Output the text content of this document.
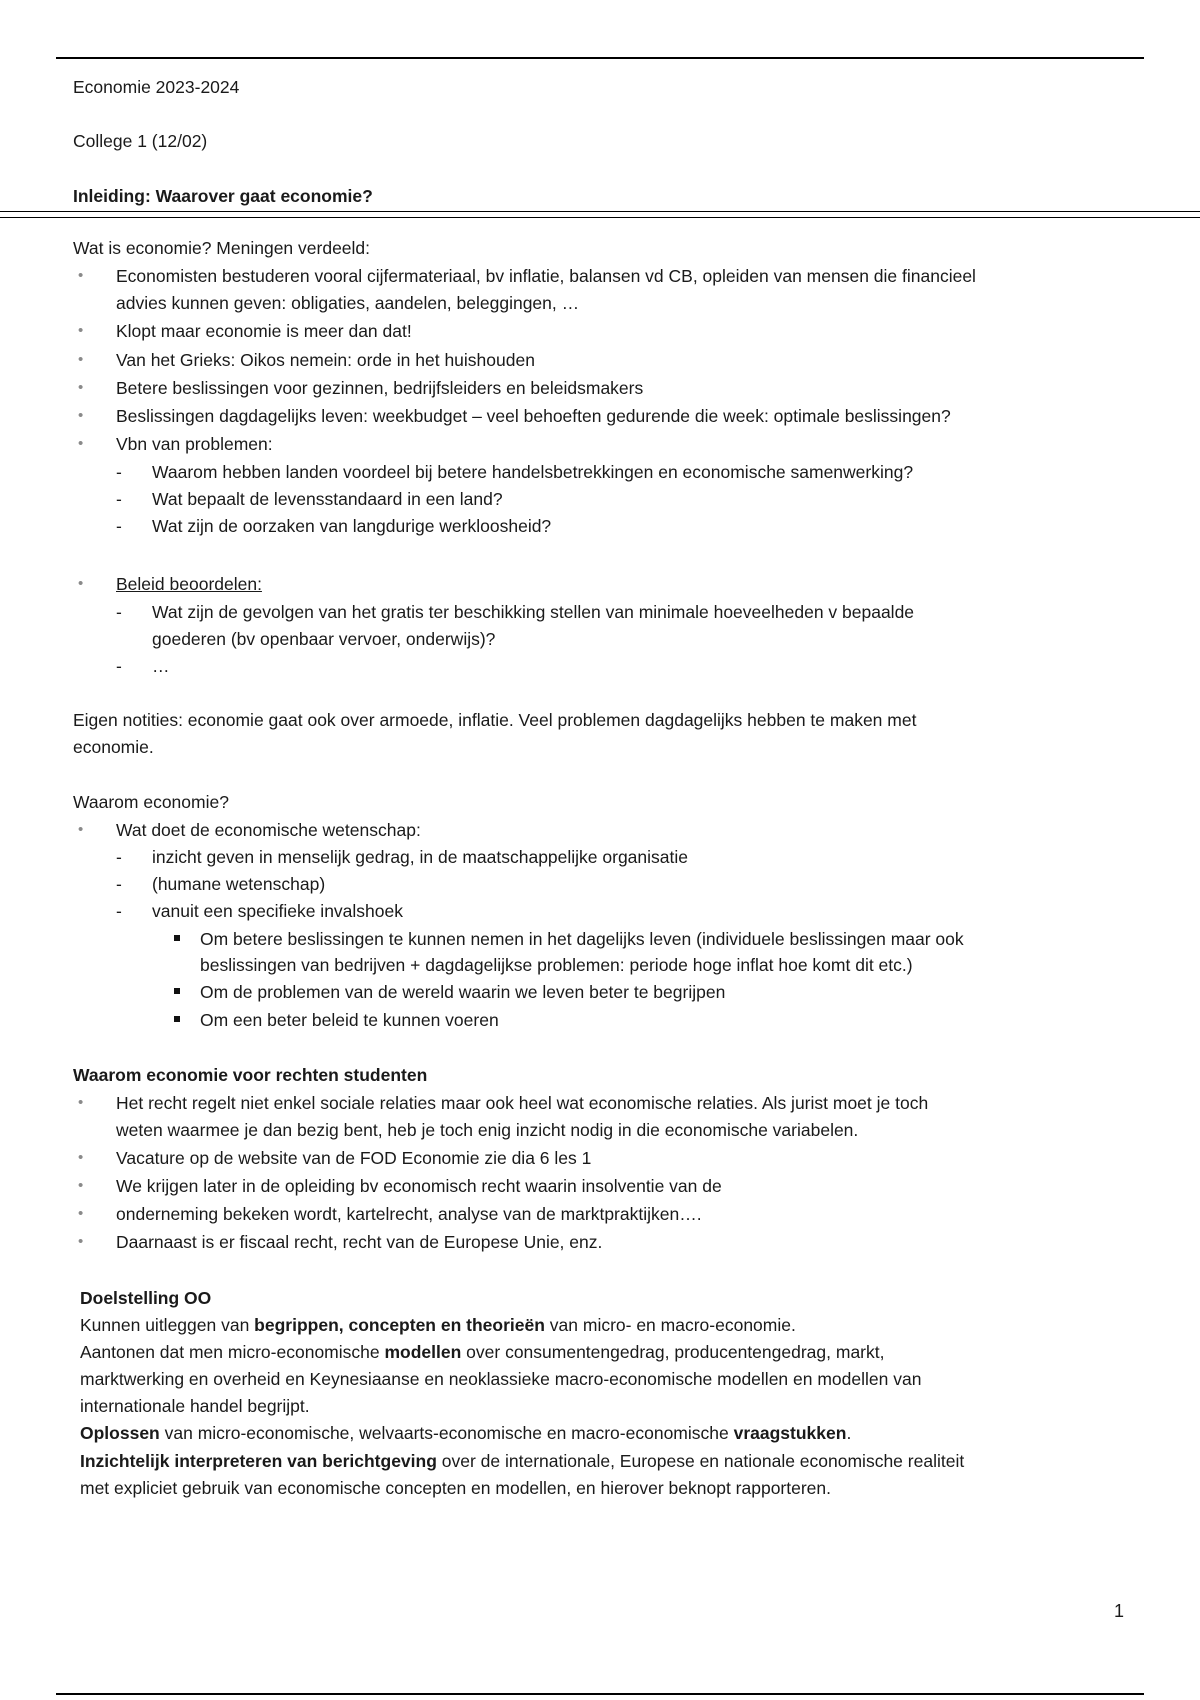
Economie 2023-2024
College 1 (12/02)
Inleiding: Waarover gaat economie?
Wat is economie? Meningen verdeeld:
• Economisten bestuderen vooral cijfermateriaal, bv inflatie, balansen vd CB, opleiden van mensen die financieel
advies kunnen geven: obligaties, aandelen, beleggingen, …
• Klopt maar economie is meer dan dat!
• Van het Grieks: Oikos nemein: orde in het huishouden
• Betere beslissingen voor gezinnen, bedrijfsleiders en beleidsmakers
• Beslissingen dagdagelijks leven: weekbudget – veel behoeften gedurende die week: optimale beslissingen?
• Vbn van problemen:
- Waarom hebben landen voordeel bij betere handelsbetrekkingen en economische samenwerking?
- Wat bepaalt de levensstandaard in een land?
- Wat zijn de oorzaken van langdurige werkloosheid?
• Beleid beoordelen:
- Wat zijn de gevolgen van het gratis ter beschikking stellen van minimale hoeveelheden v bepaalde
goederen (bv openbaar vervoer, onderwijs)?
- …
Eigen notities: economie gaat ook over armoede, inflatie. Veel problemen dagdagelijks hebben te maken met
economie.
Waarom economie?
• Wat doet de economische wetenschap:
- inzicht geven in menselijk gedrag, in de maatschappelijke organisatie
- (humane wetenschap)
- vanuit een specifieke invalshoek
Om betere beslissingen te kunnen nemen in het dagelijks leven (individuele beslissingen maar ook
beslissingen van bedrijven + dagdagelijkse problemen: periode hoge inflat hoe komt dit etc.)
Om de problemen van de wereld waarin we leven beter te begrijpen
Om een beter beleid te kunnen voeren
Waarom economie voor rechten studenten
• Het recht regelt niet enkel sociale relaties maar ook heel wat economische relaties. Als jurist moet je toch
weten waarmee je dan bezig bent, heb je toch enig inzicht nodig in die economische variabelen.
• Vacature op de website van de FOD Economie zie dia 6 les 1
• We krijgen later in de opleiding bv economisch recht waarin insolventie van de
• onderneming bekeken wordt, kartelrecht, analyse van de marktpraktijken….
• Daarnaast is er fiscaal recht, recht van de Europese Unie, enz.
Doelstelling OO
Kunnen uitleggen van begrippen, concepten en theorieën van micro- en macro-economie.
Aantonen dat men micro-economische modellen over consumentengedrag, producentengedrag, markt,
marktwerking en overheid en Keynesiaanse en neoklassieke macro-economische modellen en modellen van
internationale handel begrijpt.
Oplossen van micro-economische, welvaarts-economische en macro-economische vraagstukken.
Inzichtelijk interpreteren van berichtgeving over de internationale, Europese en nationale economische realiteit
met expliciet gebruik van economische concepten en modellen, en hierover beknopt rapporteren.
1
